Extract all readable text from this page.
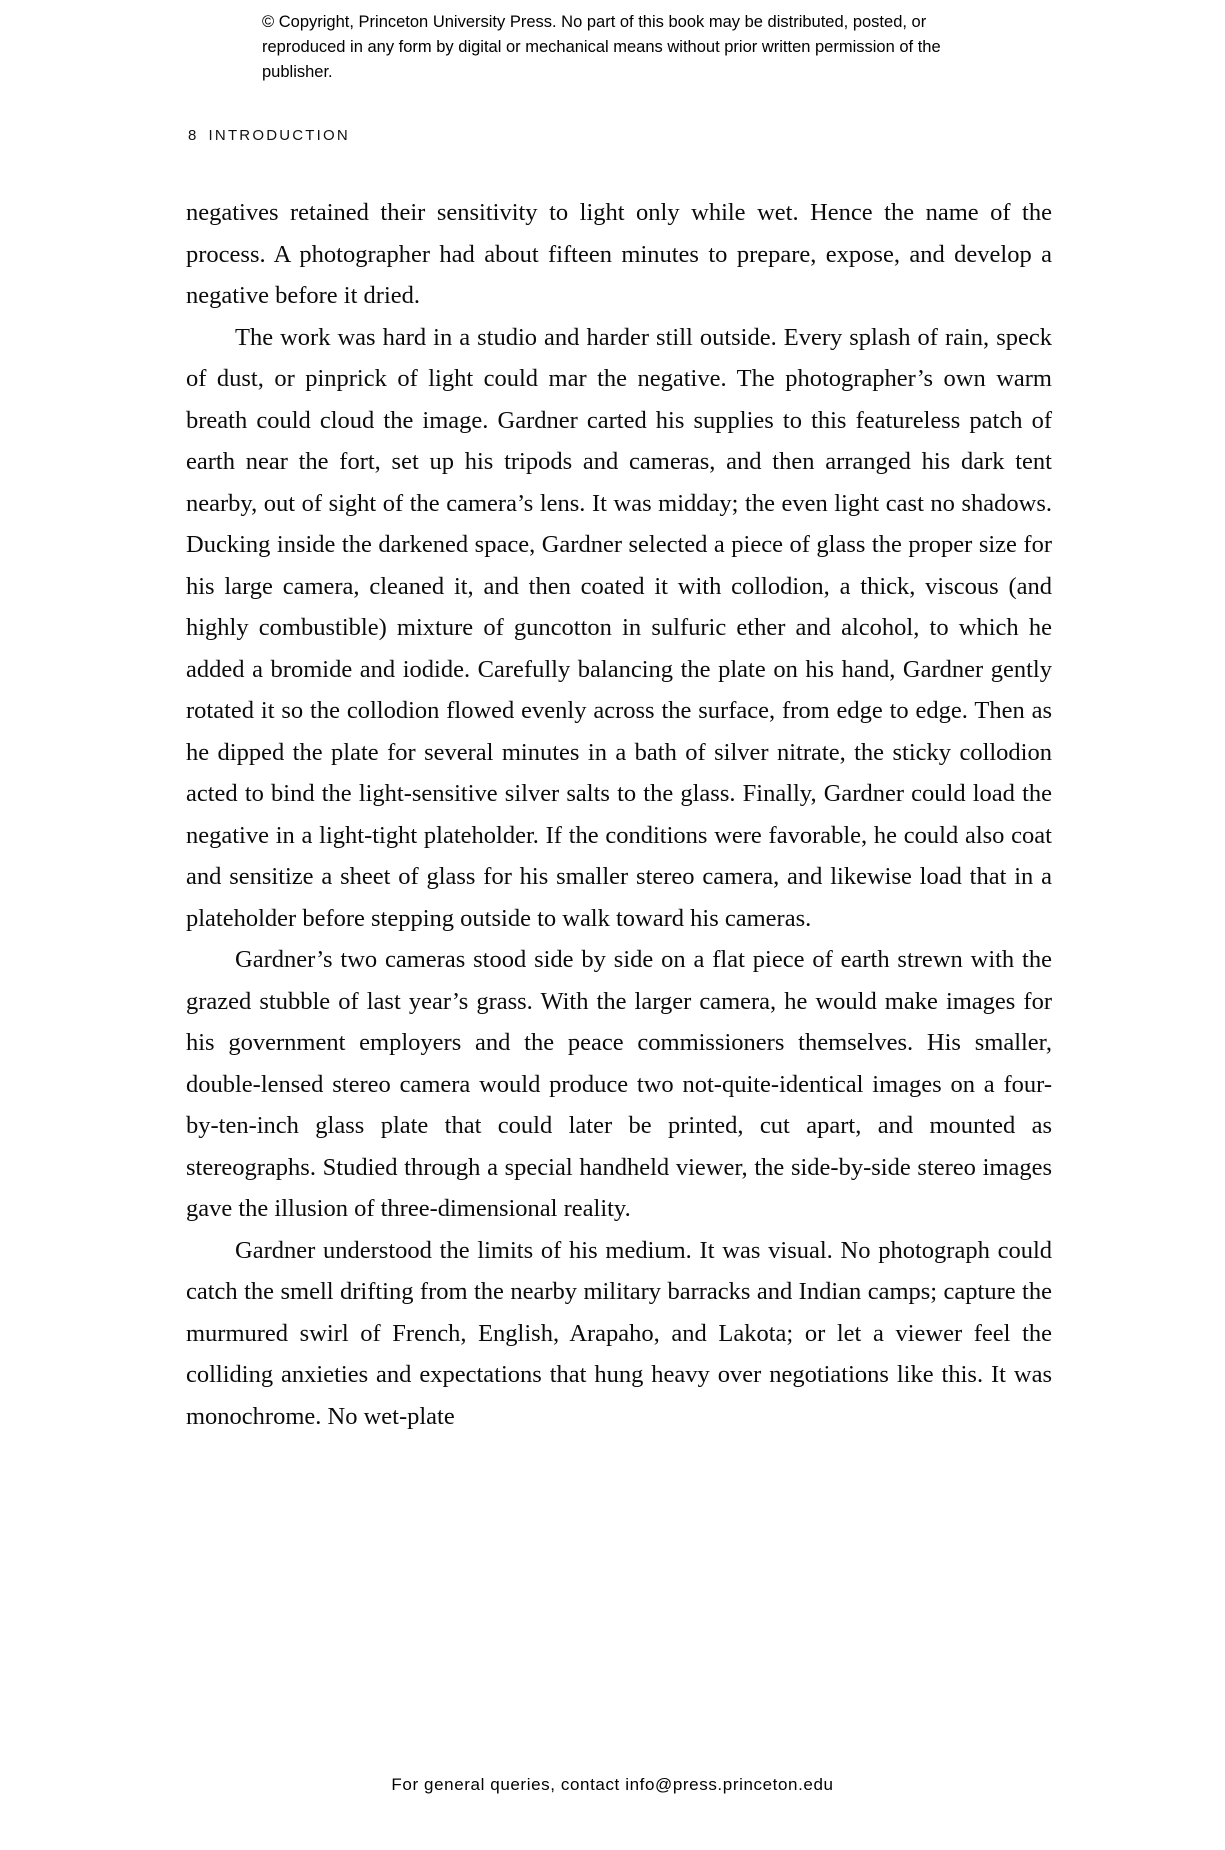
© Copyright, Princeton University Press. No part of this book may be distributed, posted, or reproduced in any form by digital or mechanical means without prior written permission of the publisher.
8 INTRODUCTION

negatives retained their sensitivity to light only while wet. Hence the name of the process. A photographer had about fifteen minutes to prepare, expose, and develop a negative before it dried.

The work was hard in a studio and harder still outside. Every splash of rain, speck of dust, or pinprick of light could mar the negative. The photographer’s own warm breath could cloud the image. Gardner carted his supplies to this featureless patch of earth near the fort, set up his tripods and cameras, and then arranged his dark tent nearby, out of sight of the camera’s lens. It was midday; the even light cast no shadows. Ducking inside the darkened space, Gardner selected a piece of glass the proper size for his large camera, cleaned it, and then coated it with collodion, a thick, viscous (and highly combustible) mixture of guncotton in sulfuric ether and alcohol, to which he added a bromide and iodide. Carefully balancing the plate on his hand, Gardner gently rotated it so the collodion flowed evenly across the surface, from edge to edge. Then as he dipped the plate for several minutes in a bath of silver nitrate, the sticky collodion acted to bind the light-sensitive silver salts to the glass. Finally, Gardner could load the negative in a light-tight plateholder. If the conditions were favorable, he could also coat and sensitize a sheet of glass for his smaller stereo camera, and likewise load that in a plateholder before stepping outside to walk toward his cameras.

Gardner’s two cameras stood side by side on a flat piece of earth strewn with the grazed stubble of last year’s grass. With the larger camera, he would make images for his government employers and the peace commissioners themselves. His smaller, double-lensed stereo camera would produce two not-quite-identical images on a four-by-ten-inch glass plate that could later be printed, cut apart, and mounted as stereographs. Studied through a special handheld viewer, the side-by-side stereo images gave the illusion of three-dimensional reality.

Gardner understood the limits of his medium. It was visual. No photograph could catch the smell drifting from the nearby military barracks and Indian camps; capture the murmured swirl of French, English, Arapaho, and Lakota; or let a viewer feel the colliding anxieties and expectations that hung heavy over negotiations like this. It was monochrome. No wet-plate

For general queries, contact info@press.princeton.edu
